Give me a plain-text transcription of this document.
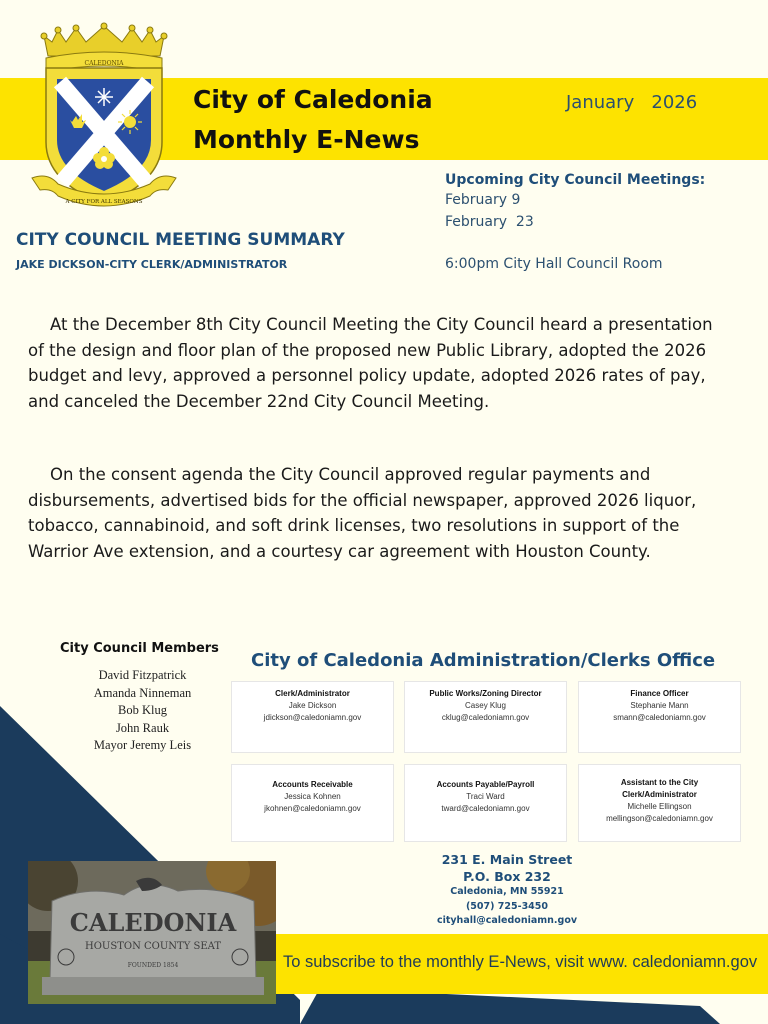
CALEDONIA
A CITY FOR ALL SEASONS
City of Caledonia
Monthly E-News
January   2026
Upcoming City Council Meetings:
February 9
February  23
6:00pm City Hall Council Room
CITY COUNCIL MEETING SUMMARY
JAKE DICKSON-CITY CLERK/ADMINISTRATOR
At the December 8th City Council Meeting the City Council heard a presentation of the design and floor plan of the proposed new Public Library, adopted the 2026 budget and levy, approved a personnel policy update, adopted 2026 rates of pay, and canceled the December 22nd City Council Meeting.
On the consent agenda the City Council approved regular payments and disbursements, advertised bids for the official newspaper, approved 2026 liquor, tobacco, cannabinoid, and soft drink licenses, two resolutions in support of the Warrior Ave extension, and a courtesy car agreement with Houston County.
City Council Members
David Fitzpatrick
Amanda Ninneman
Bob Klug
John Rauk
Mayor Jeremy Leis
City of Caledonia Administration/Clerks Office
Clerk/Administrator
Jake Dickson
jdickson@caledoniamn.gov
Public Works/Zoning Director
Casey Klug
cklug@caledoniamn.gov
Finance Officer
Stephanie Mann
smann@caledoniamn.gov
Accounts Receivable
Jessica Kohnen
jkohnen@caledoniamn.gov
Accounts Payable/Payroll
Traci Ward
tward@caledoniamn.gov
Assistant to the City Clerk/Administrator
Michelle Ellingson
mellingson@caledoniamn.gov
231 E. Main Street
P.O. Box 232
Caledonia, MN 55921
(507) 725-3450
cityhall@caledoniamn.gov
CALEDONIA
HOUSTON COUNTY SEAT
FOUNDED 1854	To subscribe to the monthly E-News, visit www. caledoniamn.gov
